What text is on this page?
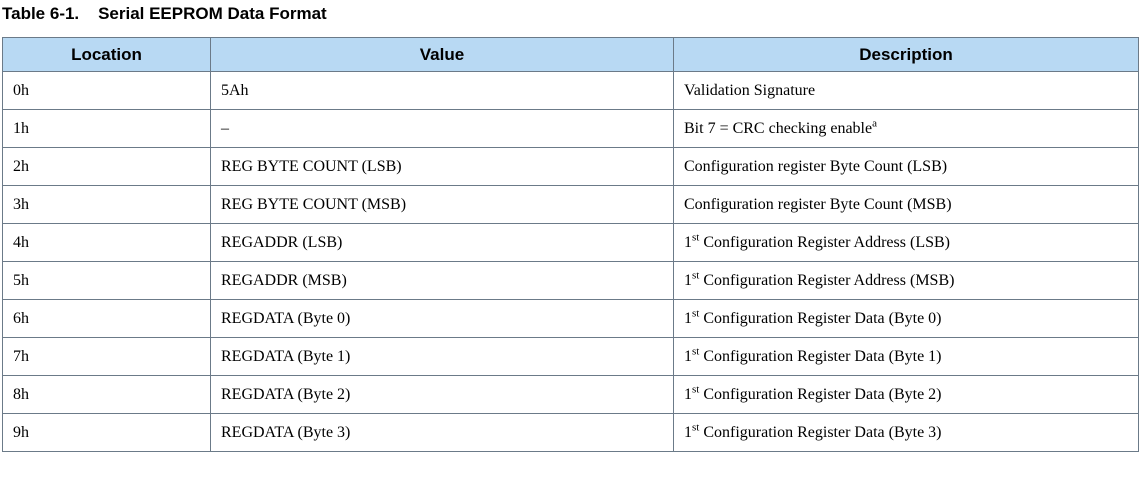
Table 6-1. Serial EEPROM Data Format
Location	Value	Description
0h	5Ah	Validation Signature
1h	–	Bit 7 = CRC checking enable$^a$
2h	REG BYTE COUNT (LSB)	Configuration register Byte Count (LSB)
3h	REG BYTE COUNT (MSB)	Configuration register Byte Count (MSB)
4h	REGADDR (LSB)	1st Configuration Register Address (LSB)
5h	REGADDR (MSB)	1st Configuration Register Address (MSB)
6h	REGDATA (Byte 0)	1st Configuration Register Data (Byte 0)
7h	REGDATA (Byte 1)	1st Configuration Register Data (Byte 1)
8h	REGDATA (Byte 2)	1st Configuration Register Data (Byte 2)
9h	REGDATA (Byte 3)	1st Configuration Register Data (Byte 3)
